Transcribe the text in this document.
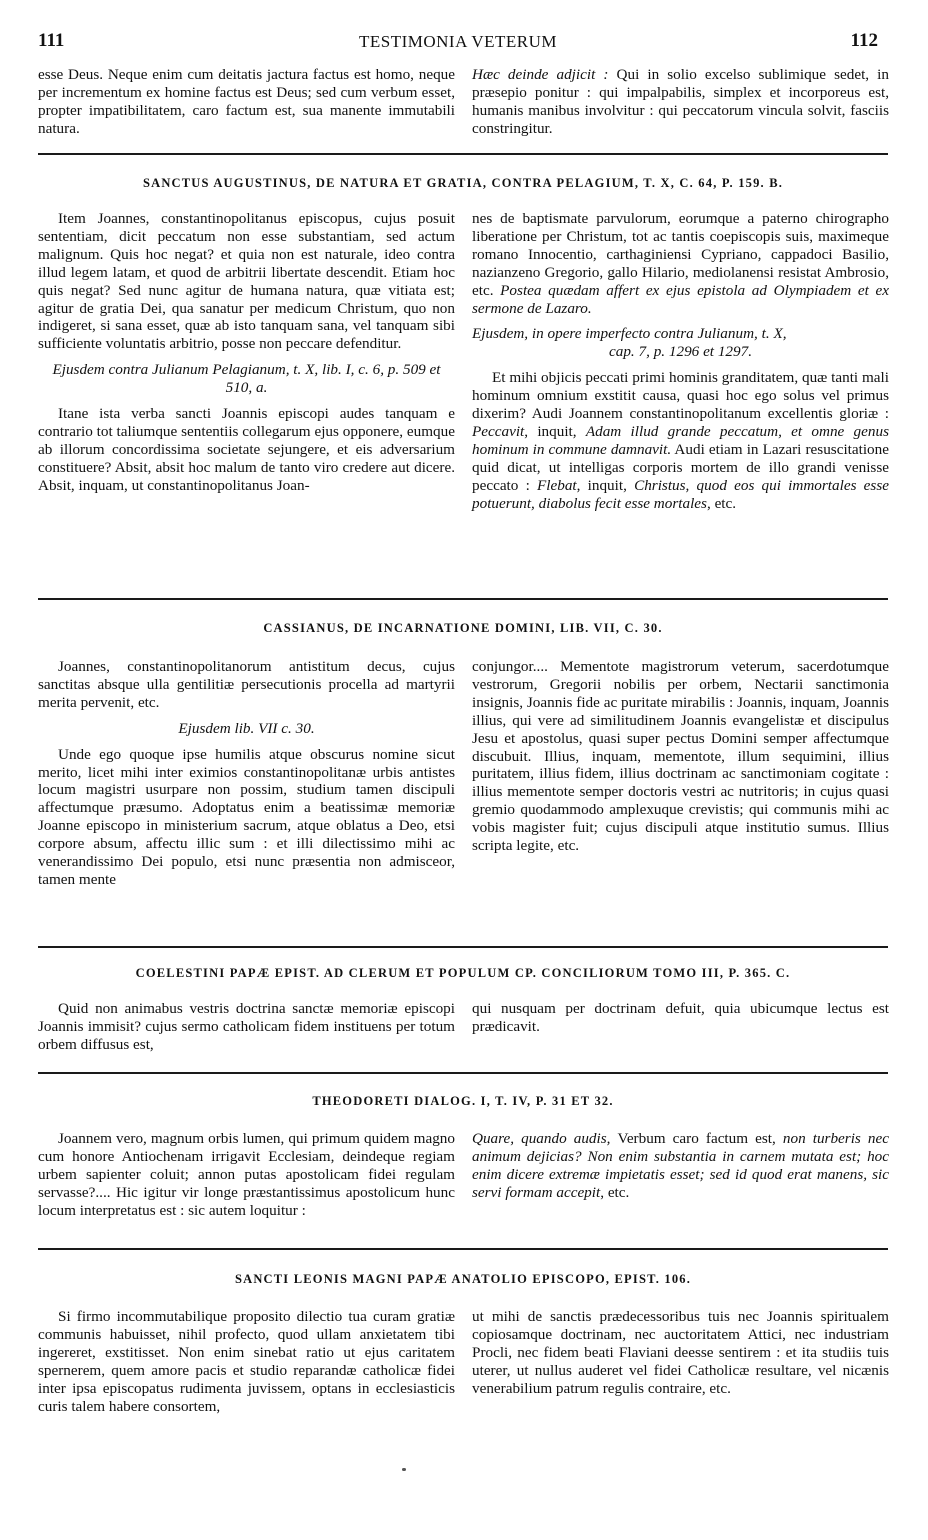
111	TESTIMONIA VETERUM	112

esse Deus. Neque enim cum deitatis jactura factus est homo, neque per incrementum ex homine factus est Deus; sed cum verbum esset, propter impatibilitatem, caro factum est, sua manente immutabili natura.

Hæc deinde adjicit : Qui in solio excelso sublimique sedet, in præsepio ponitur : qui impalpabilis, simplex et incorporeus est, humanis manibus involvitur : qui peccatorum vincula solvit, fasciis constringitur.

SANCTUS AUGUSTINUS, DE NATURA ET GRATIA, CONTRA PELAGIUM, T. X, C. 64, P. 159. B.

Item Joannes, constantinopolitanus episcopus, cujus posuit sententiam, dicit peccatum non esse substantiam, sed actum malignum. Quis hoc negat? et quia non est naturale, ideo contra illud legem latam, et quod de arbitrii libertate descendit. Etiam hoc quis negat? Sed nunc agitur de humana natura, quæ vitiata est; agitur de gratia Dei, qua sanatur per medicum Christum, quo non indigeret, si sana esset, quæ ab isto tanquam sana, vel tanquam sibi sufficiente voluntatis arbitrio, posse non peccare defenditur.

Ejusdem contra Julianum Pelagianum, t. X, lib. I, c. 6, p. 509 et 510, a.

Itane ista verba sancti Joannis episcopi audes tanquam e contrario tot taliumque sententiis collegarum ejus opponere, eumque ab illorum concordissima societate sejungere, et eis adversarium constituere? Absit, absit hoc malum de tanto viro credere aut dicere. Absit, inquam, ut constantinopolitanus Joan-

nes de baptismate parvulorum, eorumque a paterno chirographo liberatione per Christum, tot ac tantis coepiscopis suis, maximeque romano Innocentio, carthaginiensi Cypriano, cappadoci Basilio, nazianzeno Gregorio, gallo Hilario, mediolanensi resistat Ambrosio, etc. Postea quædam affert ex ejus epistola ad Olympiadem et ex sermone de Lazaro.

Ejusdem, in opere imperfecto contra Julianum, t. X,
cap. 7, p. 1296 et 1297.

Et mihi objicis peccati primi hominis granditatem, quæ tanti mali hominum omnium exstitit causa, quasi hoc ego solus vel primus dixerim? Audi Joannem constantinopolitanum excellentis gloriæ : Peccavit, inquit, Adam illud grande peccatum, et omne genus hominum in commune damnavit. Audi etiam in Lazari resuscitatione quid dicat, ut intelligas corporis mortem de illo grandi venisse peccato : Flebat, inquit, Christus, quod eos qui immortales esse potuerunt, diabolus fecit esse mortales, etc.

CASSIANUS, DE INCARNATIONE DOMINI, LIB. VII, C. 30.

Joannes, constantinopolitanorum antistitum decus, cujus sanctitas absque ulla gentilitiæ persecutionis procella ad martyrii merita pervenit, etc.

Ejusdem lib. VII c. 30.

Unde ego quoque ipse humilis atque obscurus nomine sicut merito, licet mihi inter eximios constantinopolitanæ urbis antistes locum magistri usurpare non possim, studium tamen discipuli affectumque præsumo. Adoptatus enim a beatissimæ memoriæ Joanne episcopo in ministerium sacrum, atque oblatus a Deo, etsi corpore absum, affectu illic sum : et illi dilectissimo mihi ac venerandissimo Dei populo, etsi nunc præsentia non admisceor, tamen mente

conjungor.... Mementote magistrorum veterum, sacerdotumque vestrorum, Gregorii nobilis per orbem, Nectarii sanctimonia insignis, Joannis fide ac puritate mirabilis : Joannis, inquam, Joannis illius, qui vere ad similitudinem Joannis evangelistæ et discipulus Jesu et apostolus, quasi super pectus Domini semper affectumque discubuit. Illius, inquam, mementote, illum sequimini, illius puritatem, illius fidem, illius doctrinam ac sanctimoniam cogitate : illius mementote semper doctoris vestri ac nutritoris; in cujus quasi gremio quodammodo amplexuque crevistis; qui communis mihi ac vobis magister fuit; cujus discipuli atque institutio sumus. Illius scripta legite, etc.

COELESTINI PAPÆ EPIST. AD CLERUM ET POPULUM CP. CONCILIORUM TOMO III, P. 365. C.

Quid non animabus vestris doctrina sanctæ memoriæ episcopi Joannis immisit? cujus sermo catholicam fidem instituens per totum orbem diffusus est,

qui nusquam per doctrinam defuit, quia ubicumque lectus est prædicavit.

THEODORETI DIALOG. I, T. IV, P. 31 ET 32.

Joannem vero, magnum orbis lumen, qui primum quidem magno cum honore Antiochenam irrigavit Ecclesiam, deindeque regiam urbem sapienter coluit; annon putas apostolicam fidei regulam servasse?.... Hic igitur vir longe præstantissimus apostolicum hunc locum interpretatus est : sic autem loquitur :

Quare, quando audis, Verbum caro factum est, non turberis nec animum dejicias? Non enim substantia in carnem mutata est; hoc enim dicere extremæ impietatis esset; sed id quod erat manens, sic servi formam accepit, etc.

SANCTI LEONIS MAGNI PAPÆ ANATOLIO EPISCOPO, EPIST. 106.

Si firmo incommutabilique proposito dilectio tua curam gratiæ communis habuisset, nihil profecto, quod ullam anxietatem tibi ingereret, exstitisset. Non enim sinebat ratio ut ejus caritatem spernerem, quem amore pacis et studio reparandæ catholicæ fidei inter ipsa episcopatus rudimenta juvissem, optans in ecclesiasticis curis talem habere consortem,

ut mihi de sanctis prædecessoribus tuis nec Joannis spiritualem copiosamque doctrinam, nec auctoritatem Attici, nec industriam Procli, nec fidem beati Flaviani deesse sentirem : et ita studiis tuis uterer, ut nullus auderet vel fidei Catholicæ resultare, vel nicænis venerabilium patrum regulis contraire, etc.
